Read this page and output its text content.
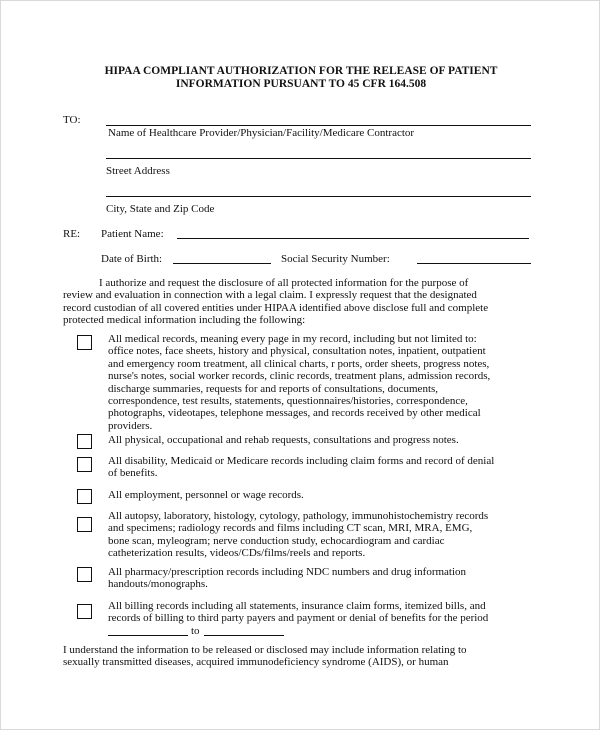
HIPAA COMPLIANT AUTHORIZATION FOR THE RELEASE OF PATIENT
INFORMATION PURSUANT TO 45 CFR 164.508
TO:
Name of Healthcare Provider/Physician/Facility/Medicare Contractor
Street Address
City, State and Zip Code
RE: Patient Name:
Date of Birth:	Social Security Number:
I authorize and request the disclosure of all protected information for the purpose of
review and evaluation in connection with a legal claim. I expressly request that the designated
record custodian of all covered entities under HIPAA identified above disclose full and complete
protected medical information including the following:
All medical records, meaning every page in my record, including but not limited to:
office notes, face sheets, history and physical, consultation notes, inpatient, outpatient
and emergency room treatment, all clinical charts, r ports, order sheets, progress notes,
nurse's notes, social worker records, clinic records, treatment plans, admission records,
discharge summaries, requests for and reports of consultations, documents,
correspondence, test results, statements, questionnaires/histories, correspondence,
photographs, videotapes, telephone messages, and records received by other medical
providers.
All physical, occupational and rehab requests, consultations and progress notes.
All disability, Medicaid or Medicare records including claim forms and record of denial
of benefits.
All employment, personnel or wage records.
All autopsy, laboratory, histology, cytology, pathology, immunohistochemistry records
and specimens; radiology records and films including CT scan, MRI, MRA, EMG,
bone scan, myleogram; nerve conduction study, echocardiogram and cardiac
catheterization results, videos/CDs/films/reels and reports.
All pharmacy/prescription records including NDC numbers and drug information
handouts/monographs.
All billing records including all statements, insurance claim forms, itemized bills, and
records of billing to third party payers and payment or denial of benefits for the period
to
I understand the information to be released or disclosed may include information relating to
sexually transmitted diseases, acquired immunodeficiency syndrome (AIDS), or human
